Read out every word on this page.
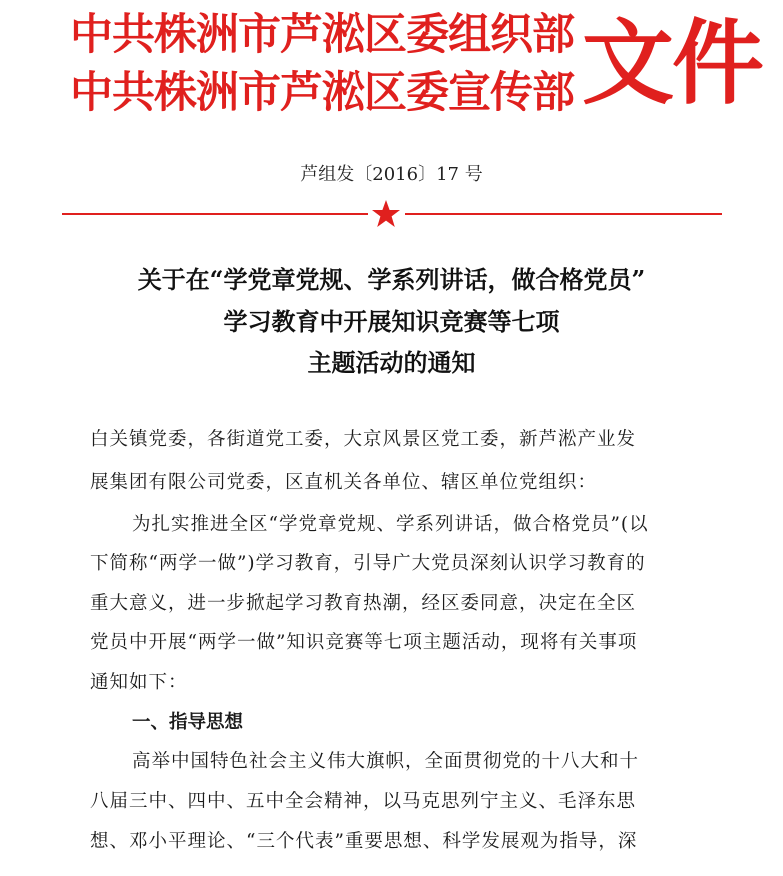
中共株洲市芦淞区委组织部
中共株洲市芦淞区委宣传部 文件
芦组发〔2016〕17 号
关于在“学党章党规、学系列讲话，做合格党员”
学习教育中开展知识竞赛等七项
主题活动的通知
白关镇党委，各街道党工委，大京风景区党工委，新芦淞产业发
展集团有限公司党委，区直机关各单位、辖区单位党组织：
为扎实推进全区“学党章党规、学系列讲话，做合格党员”(以
下简称“两学一做”)学习教育，引导广大党员深刻认识学习教育的
重大意义，进一步掀起学习教育热潮，经区委同意，决定在全区
党员中开展“两学一做”知识竞赛等七项主题活动，现将有关事项
通知如下：
一、指导思想
高举中国特色社会主义伟大旗帜，全面贯彻党的十八大和十
八届三中、四中、五中全会精神，以马克思列宁主义、毛泽东思
想、邓小平理论、“三个代表”重要思想、科学发展观为指导，深
